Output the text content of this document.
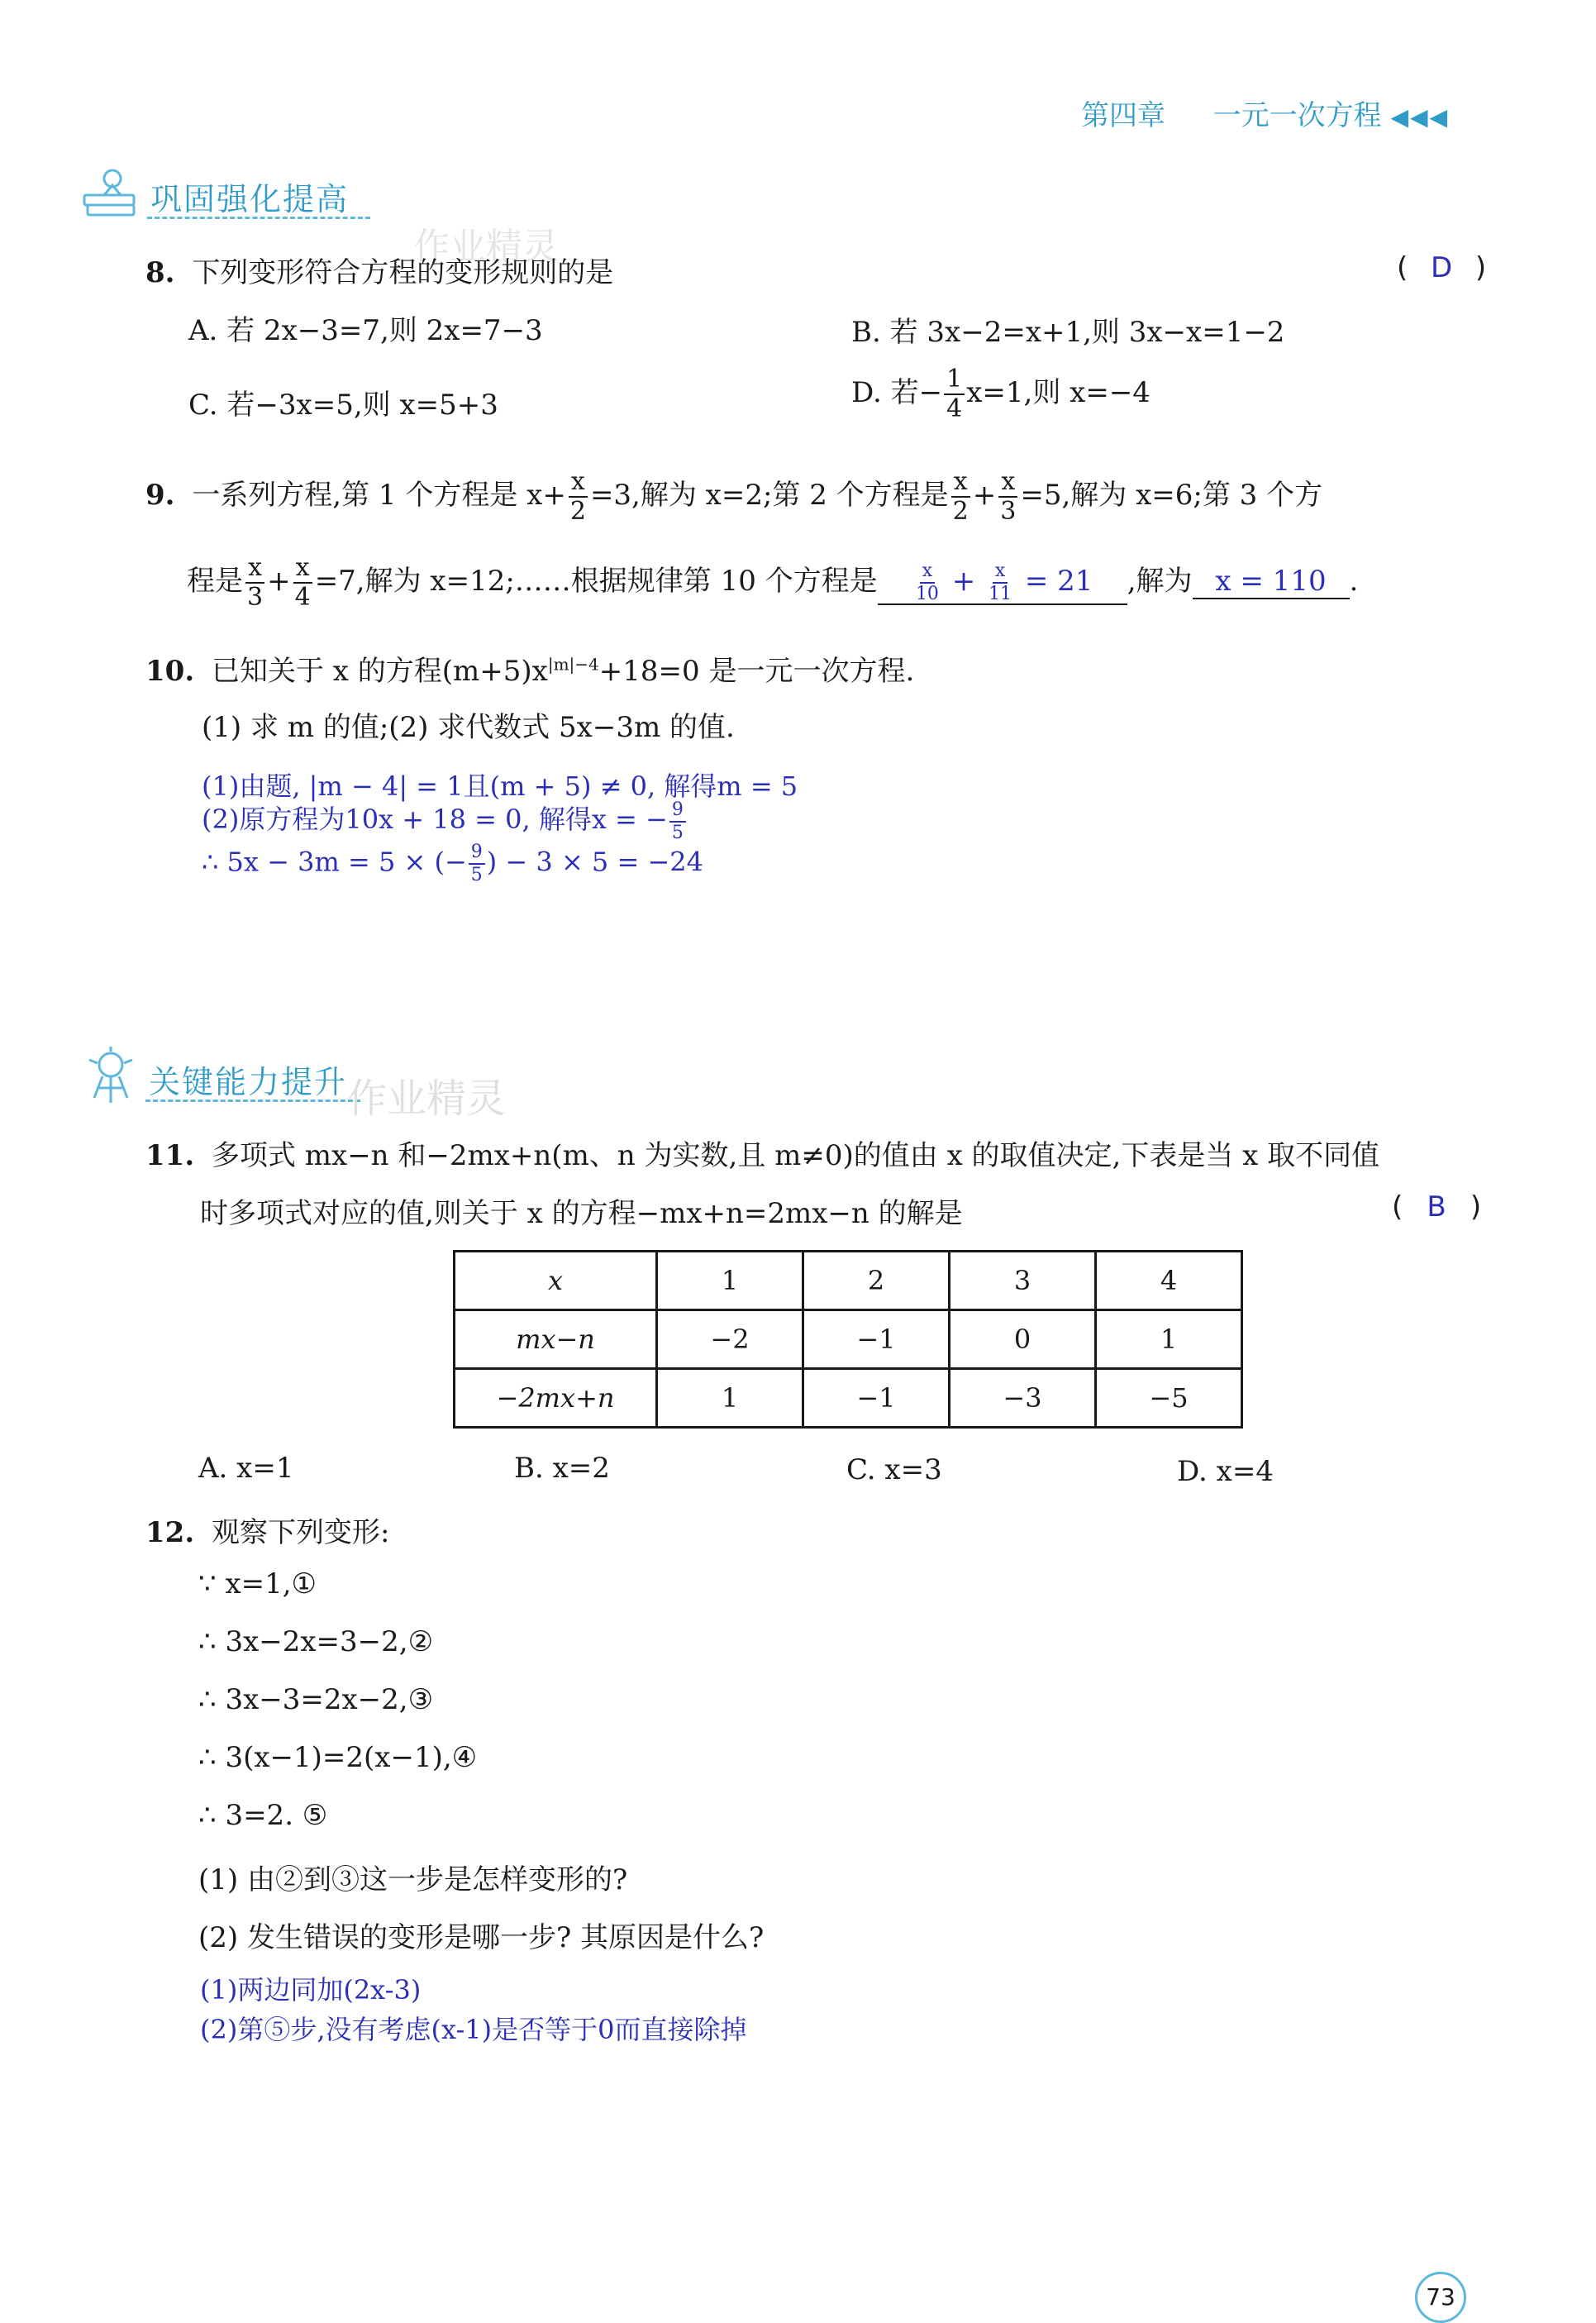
第四章 一元一次方程 ◀◀◀
巩固强化提高
作业精灵
8. 下列变形符合方程的变形规则的是	( D )
A. 若 2x−3=7,则 2x=7−3	B. 若 3x−2=x+1,则 3x−x=1−2
C. 若−3x=5,则 x=5+3	D. 若− $\frac{1}{4} x=1$,则 x=−4
9. 一系列方程,第 1 个方程是 $x+ \frac{x}{2} =3$,解为 x=2;第 2 个方程是 $\frac{x}{2} + \frac{x}{3} =5$,解为 x=6;第 3 个方
程是 $\frac{x}{3} + \frac{x}{4} =7$,解为 x=12;……根据规律第 10 个方程是 $\frac{x}{10} + \frac{x}{11} = 21$ ,解为 x = 110 .
10. 已知关于 x 的方程$(m+5)x^{|m|-4}+18=0$ 是一元一次方程.
(1) 求 m 的值;(2) 求代数式 5x−3m 的值.
(1)由题, |m − 4| = 1且(m + 5) ≠ 0, 解得m = 5
(2)原方程为10x + 18 = 0, 解得x = − $\frac{9}{5}$
∴ 5x − 3m = 5 × (− $\frac{9}{5}$ ) − 3 × 5 = −24
关键能力提升 作业精灵
11. 多项式 mx−n 和−2mx+n(m、n 为实数,且 m≠0)的值由 x 的取值决定,下表是当 x 取不同值
时多项式对应的值,则关于 x 的方程−mx+n=2mx−n 的解是	( B )
x	1	2	3	4
mx−n	−2	−1	0	1
−2mx+n	1	−1	−3	−5
A. x=1	B. x=2	C. x=3	D. x=4
12. 观察下列变形:
∵ x=1,①
∴ 3x−2x=3−2,②
∴ 3x−3=2x−2,③
∴ 3(x−1)=2(x−1),④
∴ 3=2. ⑤
(1) 由②到③这一步是怎样变形的?
(2) 发生错误的变形是哪一步? 其原因是什么?
(1)两边同加(2x-3)
(2)第⑤步,没有考虑(x-1)是否等于0而直接除掉
73
